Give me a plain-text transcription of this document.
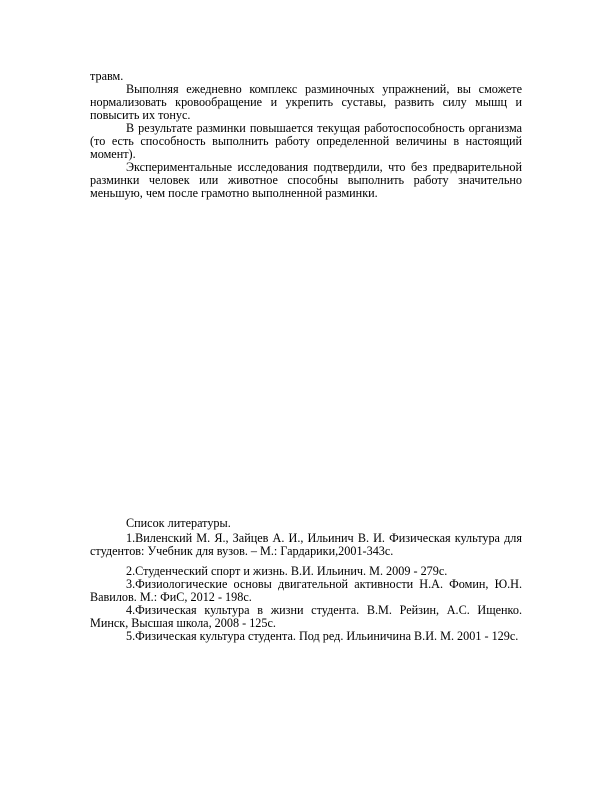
травм.

Выполняя ежедневно комплекс разминочных упражнений, вы сможете нормализовать кровообращение и укрепить суставы, развить силу мышц и повысить их тонус.

В результате разминки повышается текущая работоспособность организма (то есть способность выполнить работу определенной величины в настоящий момент).

Экспериментальные исследования подтвердили, что без предварительной разминки человек или животное способны выполнить работу значительно меньшую, чем после грамотно выполненной разминки.

Список литературы.

1.Виленский М. Я., Зайцев А. И., Ильинич В. И. Физическая культура для студентов: Учебник для вузов. – М.: Гардарики,2001-343с.

2.Студенческий спорт и жизнь. В.И. Ильинич. М. 2009 - 279с.

3.Физиологические основы двигательной активности Н.А. Фомин, Ю.Н. Вавилов. М.: ФиС, 2012 - 198с.

4.Физическая культура в жизни студента. В.М. Рейзин, А.С. Ищенко. Минск, Высшая школа, 2008 - 125с.

5.Физическая культура студента. Под ред. Ильиничина В.И. М. 2001 - 129с.
